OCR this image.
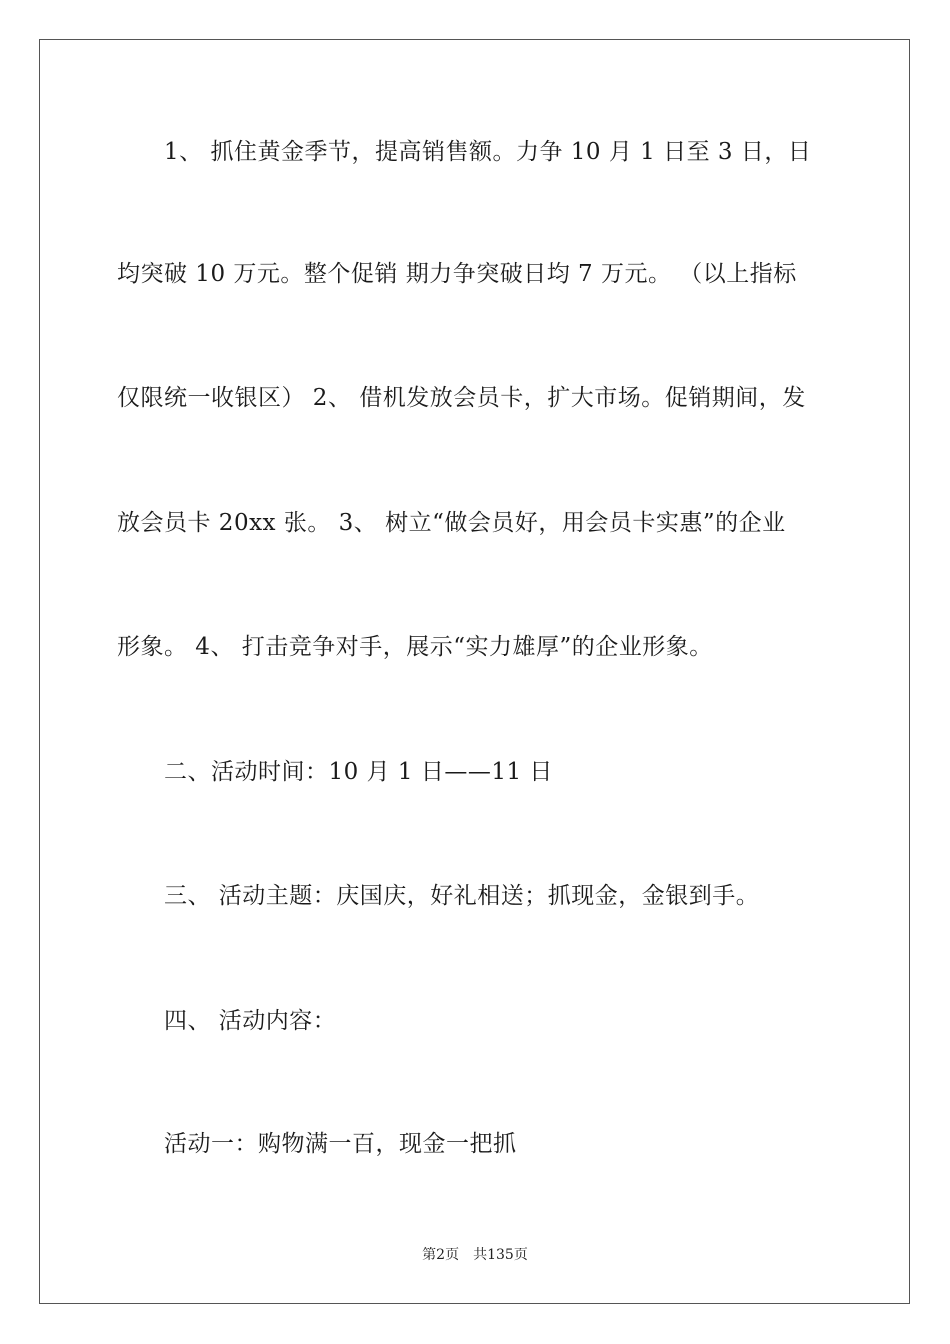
1、 抓住黄金季节，提高销售额。力争 10 月 1 日至 3 日，日
均突破 10 万元。整个促销 期力争突破日均 7 万元。 （以上指标
仅限统一收银区） 2、 借机发放会员卡，扩大市场。促销期间，发
放会员卡 20xx 张。 3、 树立“做会员好，用会员卡实惠”的企业
形象。 4、 打击竞争对手，展示“实力雄厚”的企业形象。
二、活动时间：10 月 1 日——11 日
三、 活动主题：庆国庆，好礼相送；抓现金，金银到手。
四、 活动内容：
活动一：购物满一百，现金一把抓
第2页 共135页
